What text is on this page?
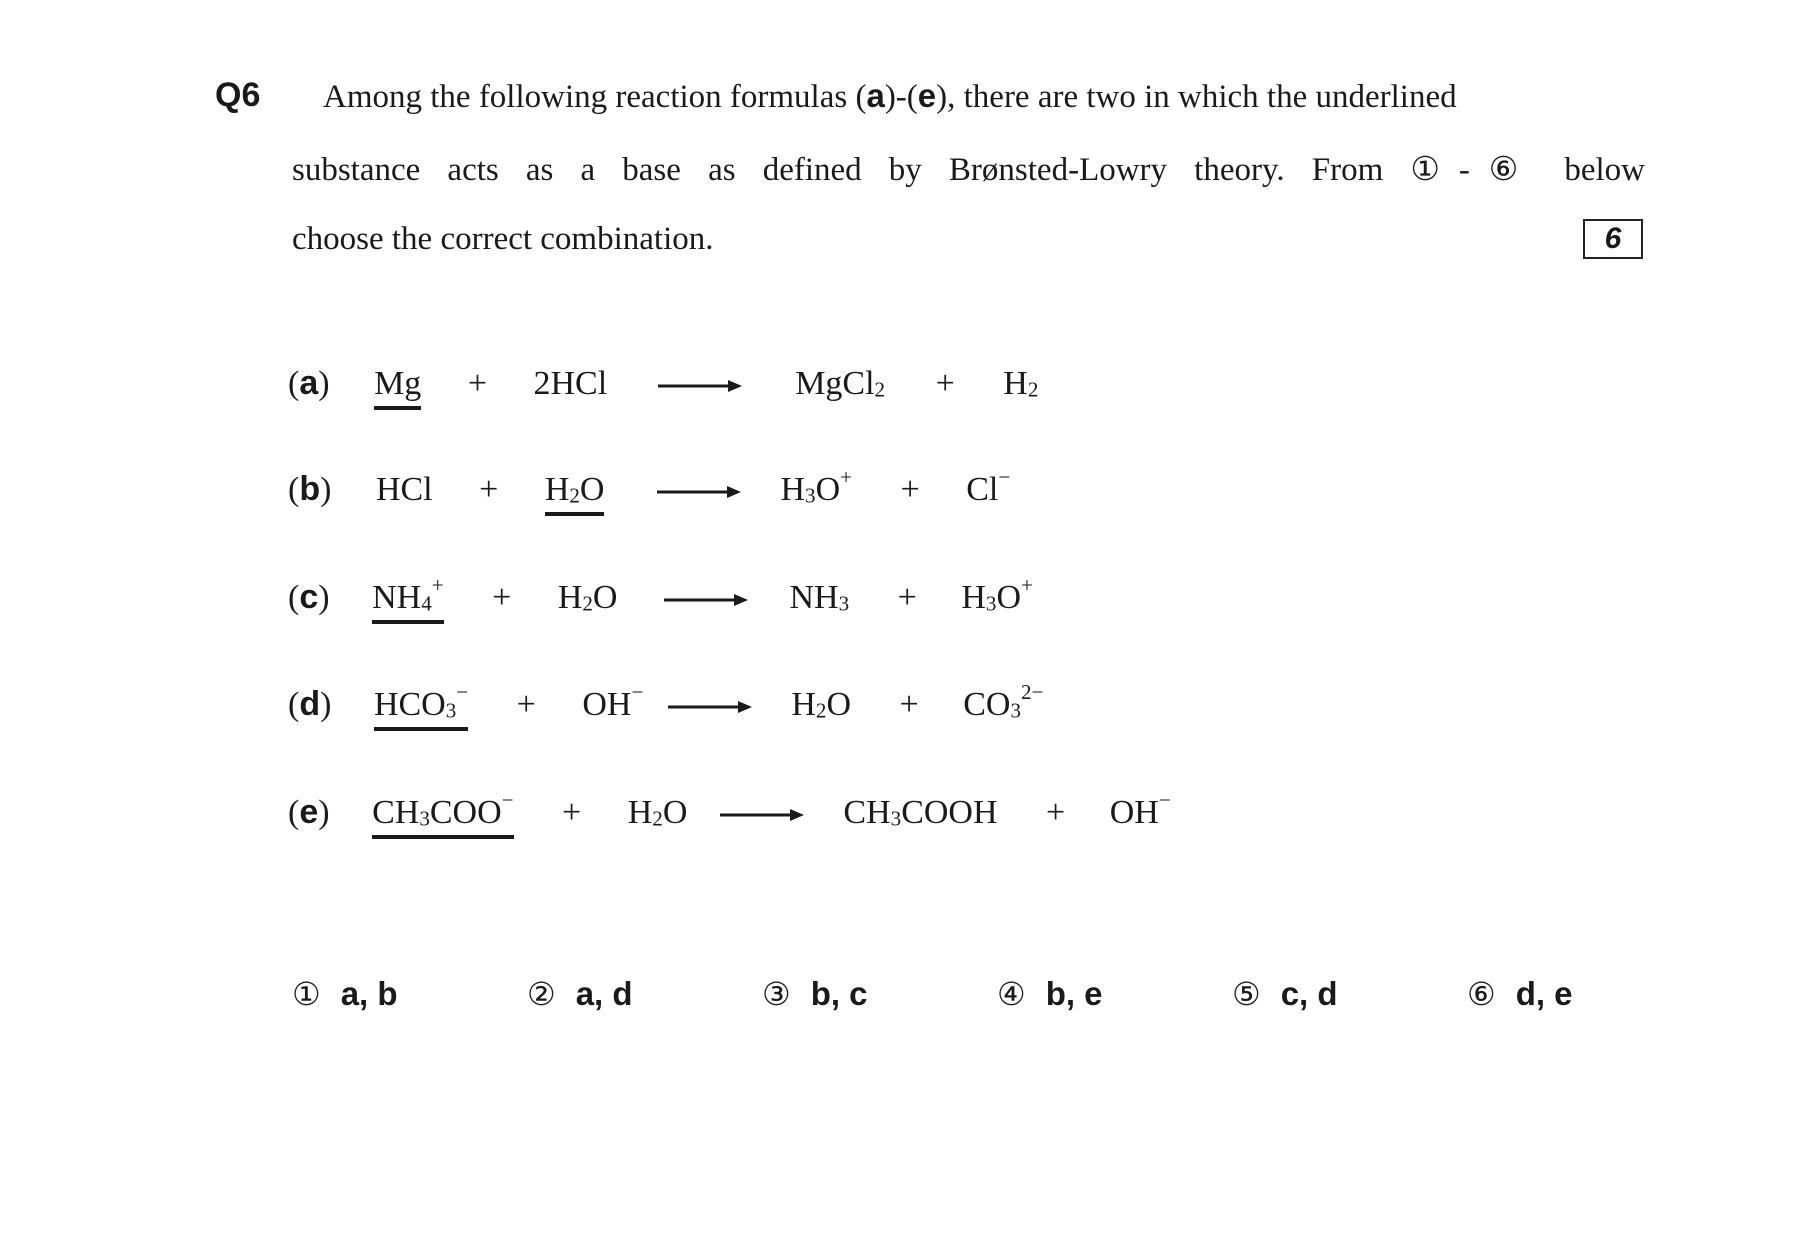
Q6 Among the following reaction formulas (a)-(e), there are two in which the underlined
substance acts as a base as defined by Brønsted-Lowry theory. From ①-⑥ below
choose the correct combination.	6
(a) Mg + 2HCl	MgCl$_2$ + $H_2$
(b) HCl + $H_2O$	$H_3O^+ + Cl^-$
(c) $NH_4^+ + H_2O$	$NH_3 + H_3O^+$
(d) $HCO_3^- + OH^-$	$H_2O + CO_3^{2-}$
(e) $CH_3COO^- + H_2O$	$CH_3COOH + OH^-$
① a, b	② a, d	③ b, c	④ b, e	⑤ c, d	⑥ d, e
